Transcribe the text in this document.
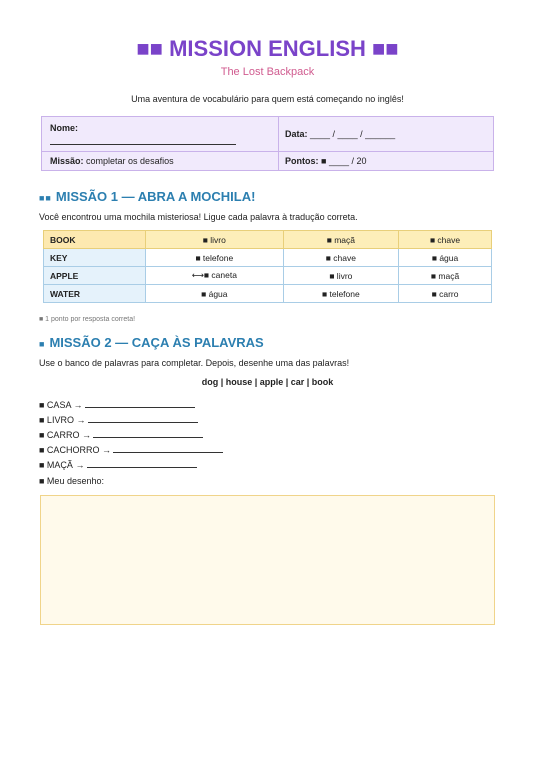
■■ MISSION ENGLISH ■■
The Lost Backpack
Uma aventura de vocabulário para quem está começando no inglês!
Nome:
Data: ____ / ____ / ______
Missão: completar os desafios	Pontos: ■ ____ / 20
■■ MISSÃO 1 — ABRA A MOCHILA!
Você encontrou uma mochila misteriosa! Ligue cada palavra à tradução correta.
BOOK	■ livro	■ maçã	■ chave
KEY	■ telefone	■ chave	■ água
APPLE	⟷■ caneta	■ livro	■ maçã
WATER	■ água	■ telefone	■ carro
■ 1 ponto por resposta correta!
■ MISSÃO 2 — CAÇA ÀS PALAVRAS
Use o banco de palavras para completar. Depois, desenhe uma das palavras!
dog | house | apple | car | book
■ CASA →
■ LIVRO →
■ CARRO →
■ CACHORRO →
■ MAÇÃ →
■ Meu desenho:
